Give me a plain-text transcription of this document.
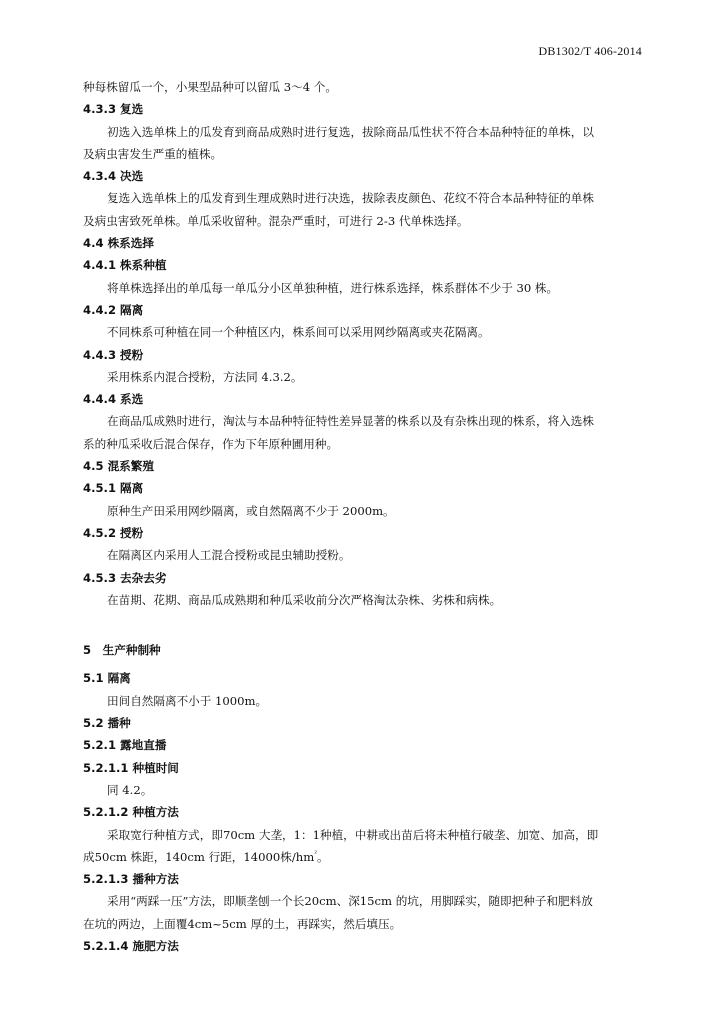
DB1302/T 406-2014
种每株留瓜一个，小果型品种可以留瓜 3～4 个。
4.3.3 复选
初选入选单株上的瓜发育到商品成熟时进行复选，拔除商品瓜性状不符合本品种特征的单株，以
及病虫害发生严重的植株。
4.3.4 决选
复选入选单株上的瓜发育到生理成熟时进行决选，拔除表皮颜色、花纹不符合本品种特征的单株
及病虫害致死单株。单瓜采收留种。混杂严重时，可进行 2-3 代单株选择。
4.4 株系选择
4.4.1 株系种植
将单株选择出的单瓜每一单瓜分小区单独种植，进行株系选择，株系群体不少于 30 株。
4.4.2 隔离
不同株系可种植在同一个种植区内，株系间可以采用网纱隔离或夹花隔离。
4.4.3 授粉
采用株系内混合授粉，方法同 4.3.2。
4.4.4 系选
在商品瓜成熟时进行，淘汰与本品种特征特性差异显著的株系以及有杂株出现的株系，将入选株
系的种瓜采收后混合保存，作为下年原种圃用种。
4.5 混系繁殖
4.5.1 隔离
原种生产田采用网纱隔离，或自然隔离不少于 2000m。
4.5.2 授粉
在隔离区内采用人工混合授粉或昆虫辅助授粉。
4.5.3 去杂去劣
在苗期、花期、商品瓜成熟期和种瓜采收前分次严格淘汰杂株、劣株和病株。
5　生产种制种
5.1 隔离
田间自然隔离不小于 1000m。
5.2 播种
5.2.1 露地直播
5.2.1.1 种植时间
同 4.2。
5.2.1.2 种植方法
采取宽行种植方式，即70cm 大垄，1：1种植，中耕或出苗后将未种植行破垄、加宽、加高，即
成50cm 株距，140cm 行距，14000株$/hm^{^2}$。
5.2.1.3 播种方法
采用“两踩一压”方法，即顺垄刨一个长20cm、深15cm 的坑，用脚踩实，随即把种子和肥料放
在坑的两边，上面覆4cm~5cm 厚的土，再踩实，然后填压。
5.2.1.4 施肥方法
